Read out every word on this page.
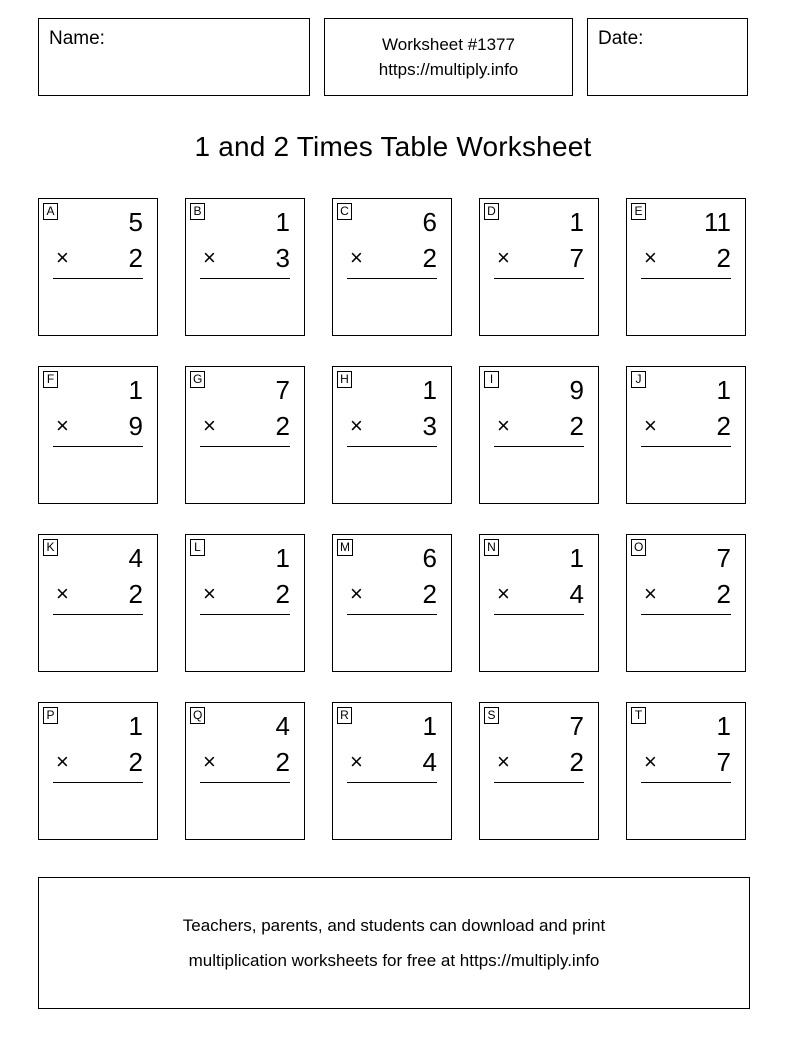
Name:	Worksheet #1377
https://multiply.info
Date:
1 and 2 Times Table Worksheet
A	5
× 2
B	1
× 3
C	6
× 2
D	1
× 7
E	11
× 2
F	1
× 9
G	7
× 2
H	1
× 3
I	9
× 2
J	1
× 2
K	4
× 2
L	1
× 2
M	6
× 2
N	1
× 4
O	7
× 2
P	1
× 2
Q	4
× 2
R	1
× 4
S	7
× 2
T	1
× 7
Teachers, parents, and students can download and print
multiplication worksheets for free at https://multiply.info
